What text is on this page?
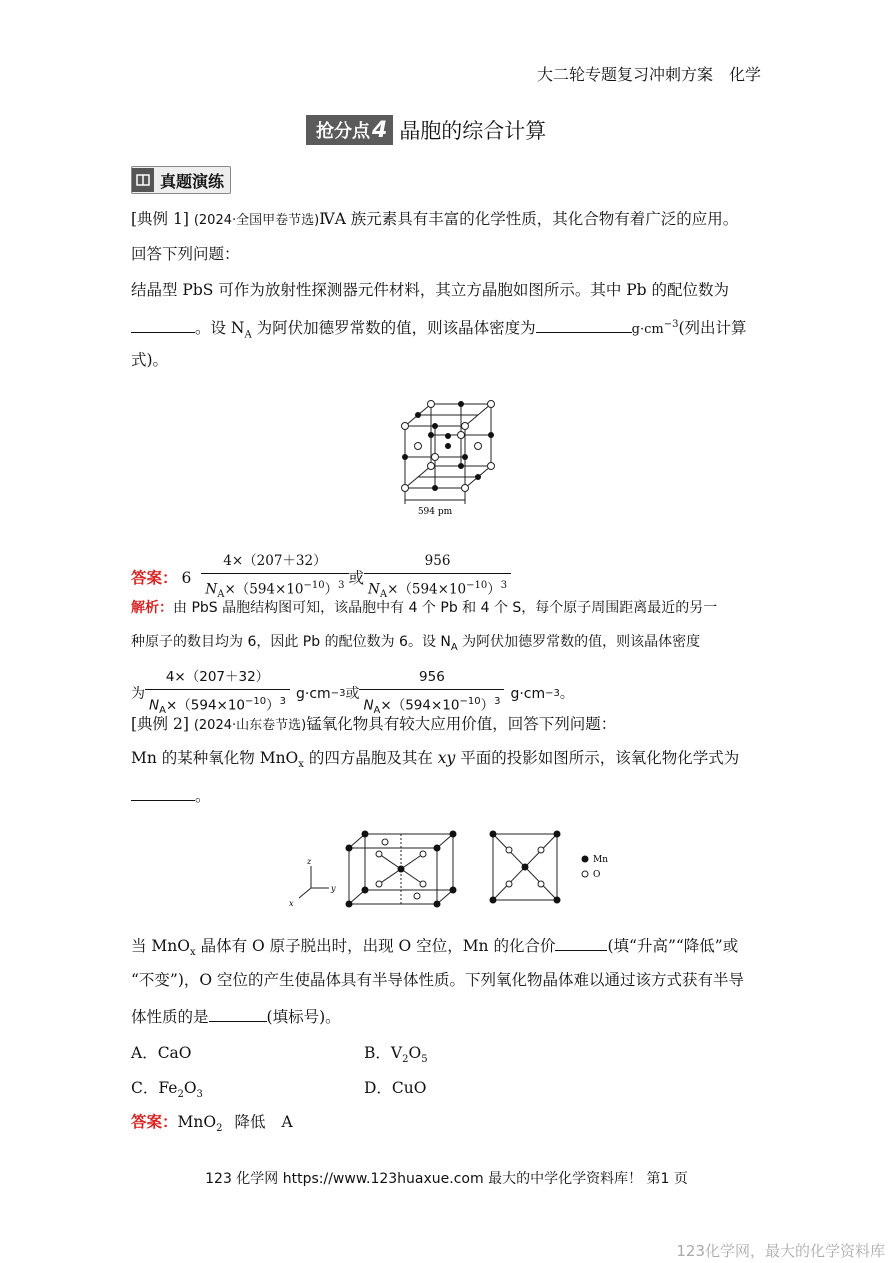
大二轮专题复习冲刺方案　化学
抢分点 4 晶胞的综合计算
真题演练
[典例 1] (2024·全国甲卷节选)ⅣA 族元素具有丰富的化学性质，其化合物有着广泛的应用。
回答下列问题：
结晶型 PbS 可作为放射性探测器元件材料，其立方晶胞如图所示。其中 Pb 的配位数为
。设 $N_A$ 为阿伏加德罗常数的值，则该晶体密度为	$g\cdot cm^{-3}$(列出计算
式)。
594 pm
答案： $6 \frac{4\times(207+32)}{N_A\times(594\times 10^{-10})^3}$ 或 $\frac{956}{N_A\times(594\times 10^{-10})^3}$
解析：由 PbS 晶胞结构图可知，该晶胞中有 4 个 Pb 和 4 个 S，每个原子周围距离最近的另一
种原子的数目均为 6，因此 Pb 的配位数为 6。设 $N_A$ 为阿伏加德罗常数的值，则该晶体密度
为 $\frac{4\times(207+32)}{N_A\times(594\times 10^{-10})^3} g\cdot cm -3$ 或 $\frac{956}{N_A\times(594\times 10^{-10})^3} g\cdot cm -3$ 。
[典例 2] (2024·山东卷节选)锰氧化物具有较大应用价值，回答下列问题：
Mn 的某种氧化物 MnO$_x$ 的四方晶胞及其在 xy 平面的投影如图所示，该氧化物化学式为
。
z
y
x
Mn
O
当 MnO$_x$ 晶体有 O 原子脱出时，出现 O 空位，Mn 的化合价	(填“升高”“降低”或
“不变”)，O 空位的产生使晶体具有半导体性质。下列氧化物晶体难以通过该方式获有半导
体性质的是	(填标号)。
A．CaO	B．$V_2O_5$
C．$Fe_2O_3$	D．CuO
答案：MnO$_2$ 降低 A
123 化学网 https://www.123huaxue.com 最大的中学化学资料库！ 第1 页
123化学网，最大的化学资料库
